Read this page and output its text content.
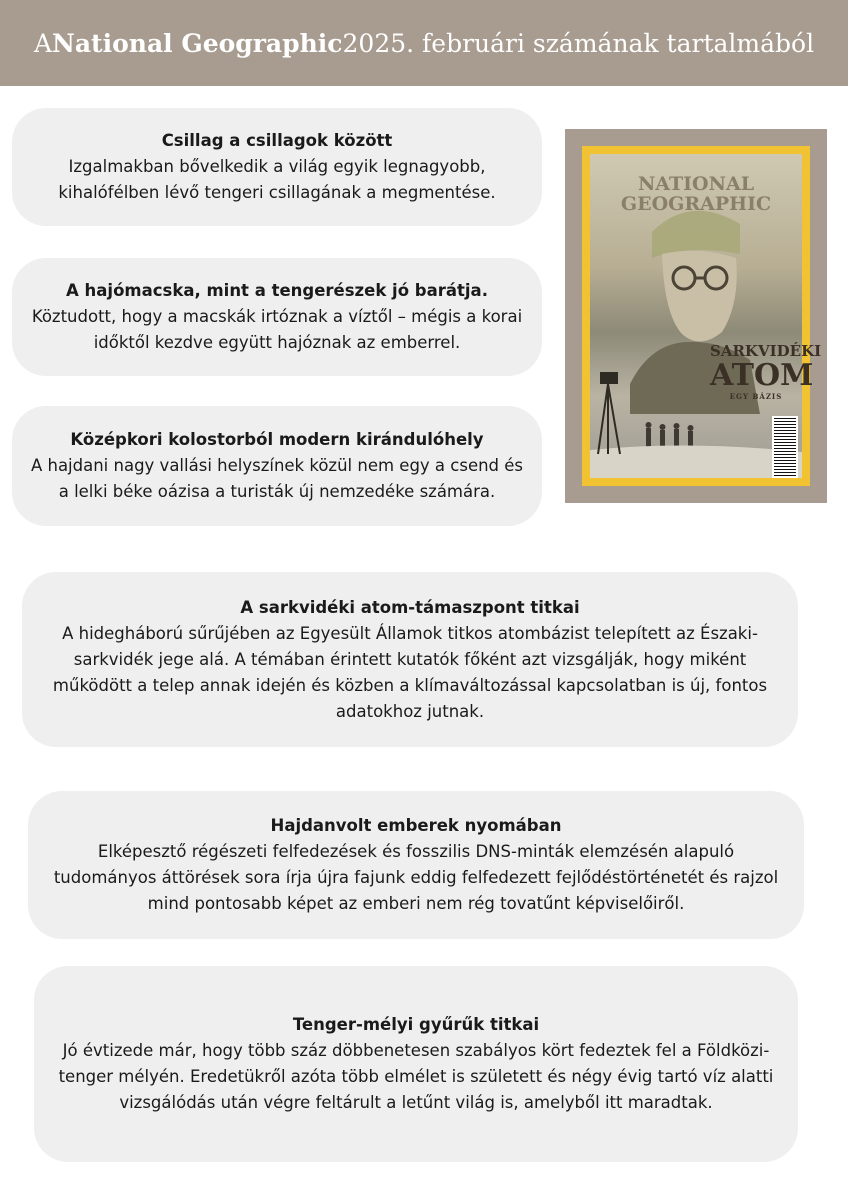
A National Geographic 2025. februári számának tartalmából
Csillag a csillagok között
Izgalmakban bővelkedik a világ egyik legnagyobb, kihalófélben lévő tengeri csillagának a megmentése.
A hajómacska, mint a tengerészek jó barátja.
Köztudott, hogy a macskák irtóznak a víztől – mégis a korai időktől kezdve együtt hajóznak az emberrel.
Középkori kolostorból modern kirándulóhely
A hajdani nagy vallási helyszínek közül nem egy a csend és a lelki béke oázisa a turisták új nemzedéke számára.
NATIONAL
GEOGRAPHIC
SARKVIDÉKI
ATOM
EGY BÁZIS
A sarkvidéki atom-támaszpont titkai
A hidegháború sűrűjében az Egyesült Államok titkos atombázist telepített az Északi-sarkvidék jege alá. A témában érintett kutatók főként azt vizsgálják, hogy miként működött a telep annak idején és közben a klímaváltozással kapcsolatban is új, fontos adatokhoz jutnak.
Hajdanvolt emberek nyomában
Elképesztő régészeti felfedezések és fosszilis DNS-minták elemzésén alapuló tudományos áttörések sora írja újra fajunk eddig felfedezett fejlődéstörténetét és rajzol mind pontosabb képet az emberi nem rég tovatűnt képviselőiről.
Tenger-mélyi gyűrűk titkai
Jó évtizede már, hogy több száz döbbenetesen szabályos kört fedeztek fel a Földközi-tenger mélyén. Eredetükről azóta több elmélet is született és négy évig tartó víz alatti vizsgálódás után végre feltárult a letűnt világ is, amelyből itt maradtak.
